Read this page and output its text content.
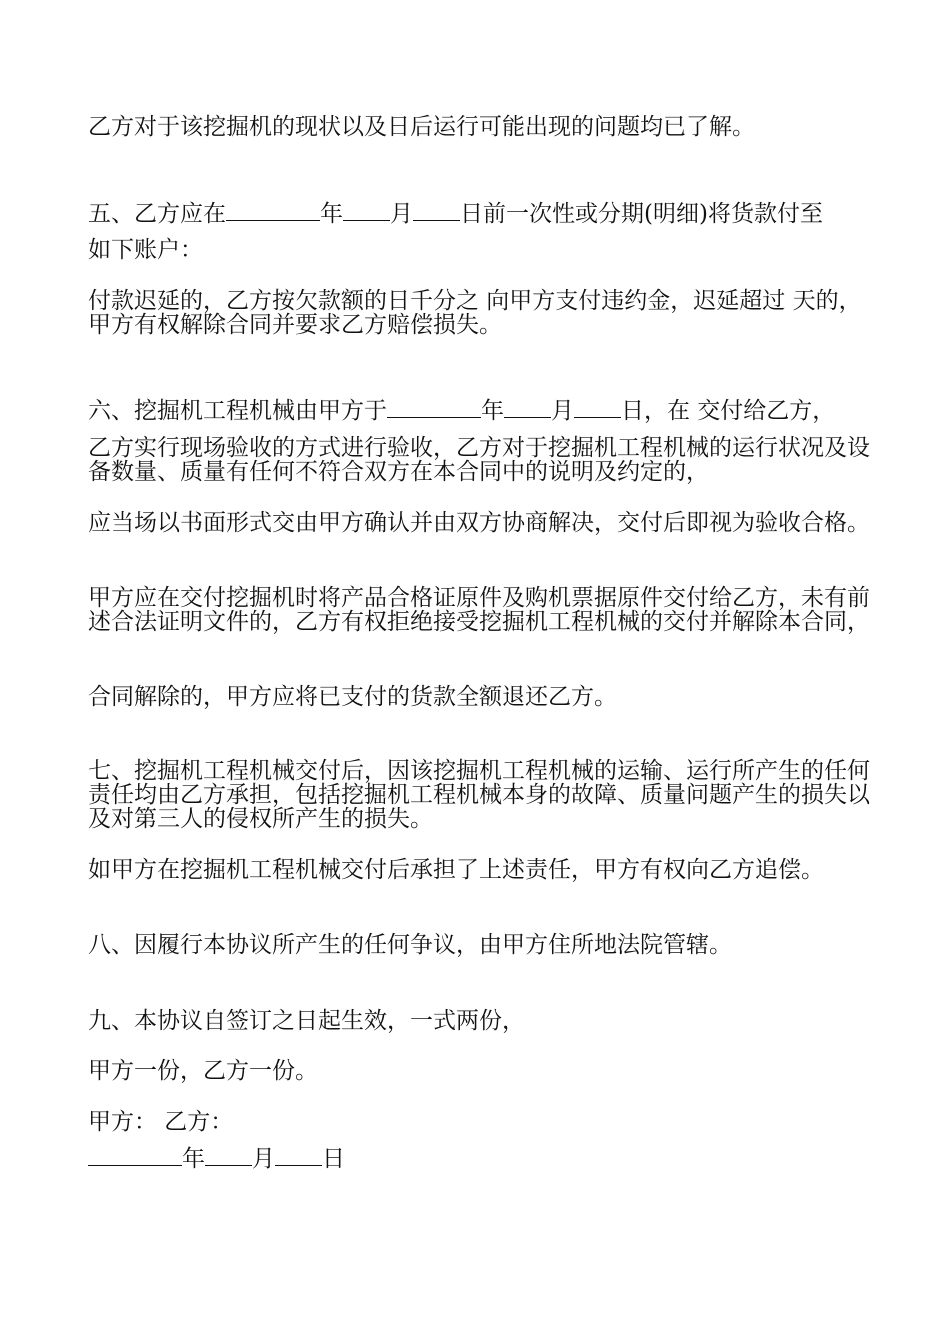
乙方对于该挖掘机的现状以及日后运行可能出现的问题均已了解。

五、乙方应在	年 月 日前一次性或分期(明细)将货款付至

如下账户：

付款迟延的，乙方按欠款额的日千分之 向甲方支付违约金，迟延超过 天的，甲方有权解除合同并要求乙方赔偿损失。

六、挖掘机工程机械由甲方于	年 月 日，在 交付给乙方，

乙方实行现场验收的方式进行验收，乙方对于挖掘机工程机械的运行状况及设备数量、质量有任何不符合双方在本合同中的说明及约定的，

应当场以书面形式交由甲方确认并由双方协商解决，交付后即视为验收合格。

甲方应在交付挖掘机时将产品合格证原件及购机票据原件交付给乙方，未有前述合法证明文件的，乙方有权拒绝接受挖掘机工程机械的交付并解除本合同，

合同解除的，甲方应将已支付的货款全额退还乙方。

七、挖掘机工程机械交付后，因该挖掘机工程机械的运输、运行所产生的任何责任均由乙方承担，包括挖掘机工程机械本身的故障、质量问题产生的损失以及对第三人的侵权所产生的损失。

如甲方在挖掘机工程机械交付后承担了上述责任，甲方有权向乙方追偿。

八、因履行本协议所产生的任何争议，由甲方住所地法院管辖。

九、本协议自签订之日起生效，一式两份，

甲方一份，乙方一份。

甲方： 乙方：

年 月 日
